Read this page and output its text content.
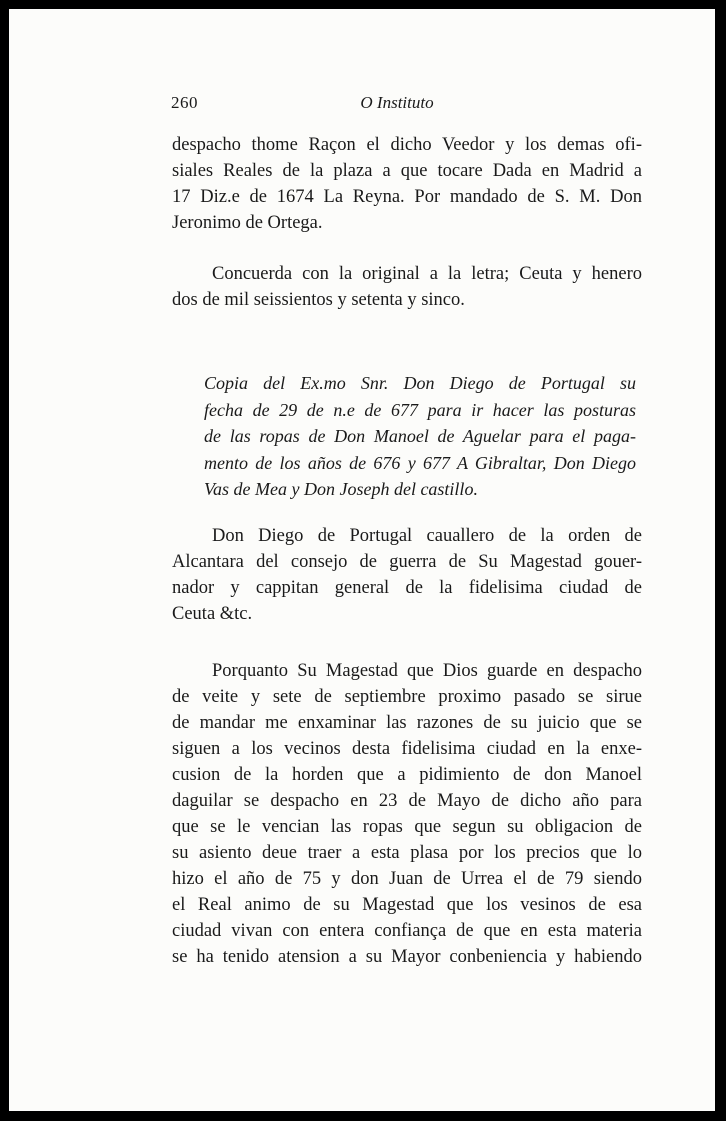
260	O Instituto
despacho thome Raçon el dicho Veedor y los demas ofi-
siales Reales de la plaza a que tocare Dada en Madrid a
17 Diz.e de 1674 La Reyna. Por mandado de S. M. Don
Jeronimo de Ortega.
Concuerda con la original a la letra; Ceuta y henero
dos de mil seissientos y setenta y sinco.
Copia del Ex.mo Snr. Don Diego de Portugal su
fecha de 29 de n.e de 677 para ir hacer las posturas
de las ropas de Don Manoel de Aguelar para el paga-
mento de los años de 676 y 677 A Gibraltar, Don Diego
Vas de Mea y Don Joseph del castillo.
Don Diego de Portugal cauallero de la orden de
Alcantara del consejo de guerra de Su Magestad gouer-
nador y cappitan general de la fidelisima ciudad de
Ceuta &tc.
Porquanto Su Magestad que Dios guarde en despacho
de veite y sete de septiembre proximo pasado se sirue
de mandar me enxaminar las razones de su juicio que se
siguen a los vecinos desta fidelisima ciudad en la enxe-
cusion de la horden que a pidimiento de don Manoel
daguilar se despacho en 23 de Mayo de dicho año para
que se le vencian las ropas que segun su obligacion de
su asiento deue traer a esta plasa por los precios que lo
hizo el año de 75 y don Juan de Urrea el de 79 siendo
el Real animo de su Magestad que los vesinos de esa
ciudad vivan con entera confiança de que en esta materia
se ha tenido atension a su Mayor conbeniencia y habiendo
